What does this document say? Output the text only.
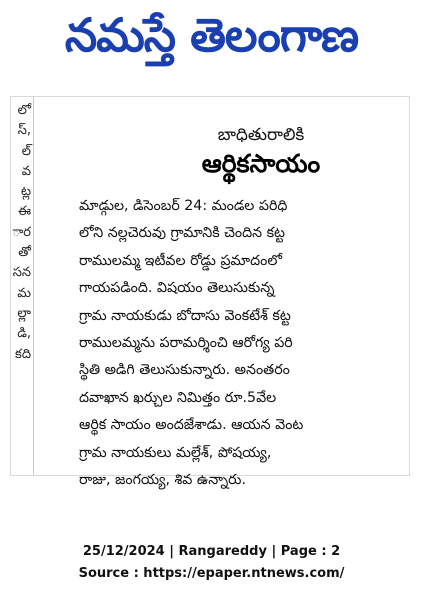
నమస్తే తెలంగాణ
లో
స్,
ల్
వ
ట్ల
ఈ
ార
తో
సన
మ
ల్లా
డి,
కది
బాధితురాలికి
ఆర్థికసాయం
మాడ్గుల, డిసెంబర్ 24: మండల పరిధి
లోని నల్లచెరువు గ్రామానికి చెందిన కట్ట
రాములమ్మ ఇటీవల రోడ్డు ప్రమాదంలో
గాయపడింది. విషయం తెలుసుకున్న
గ్రామ నాయకుడు బోదాసు వెంకటేశ్ కట్ట
రాములమ్మను పరామర్శించి ఆరోగ్య పరి
స్థితి అడిగి తెలుసుకున్నారు. అనంతరం
దవాఖాన ఖర్చుల నిమిత్తం రూ.5వేల
ఆర్థిక సాయం అందజేశాడు. ఆయన వెంట
గ్రామ నాయకులు మల్లేశ్, పోషయ్య,
రాజు, జంగయ్య, శివ ఉన్నారు.
25/12/2024 | Rangareddy | Page : 2
Source : https://epaper.ntnews.com/
